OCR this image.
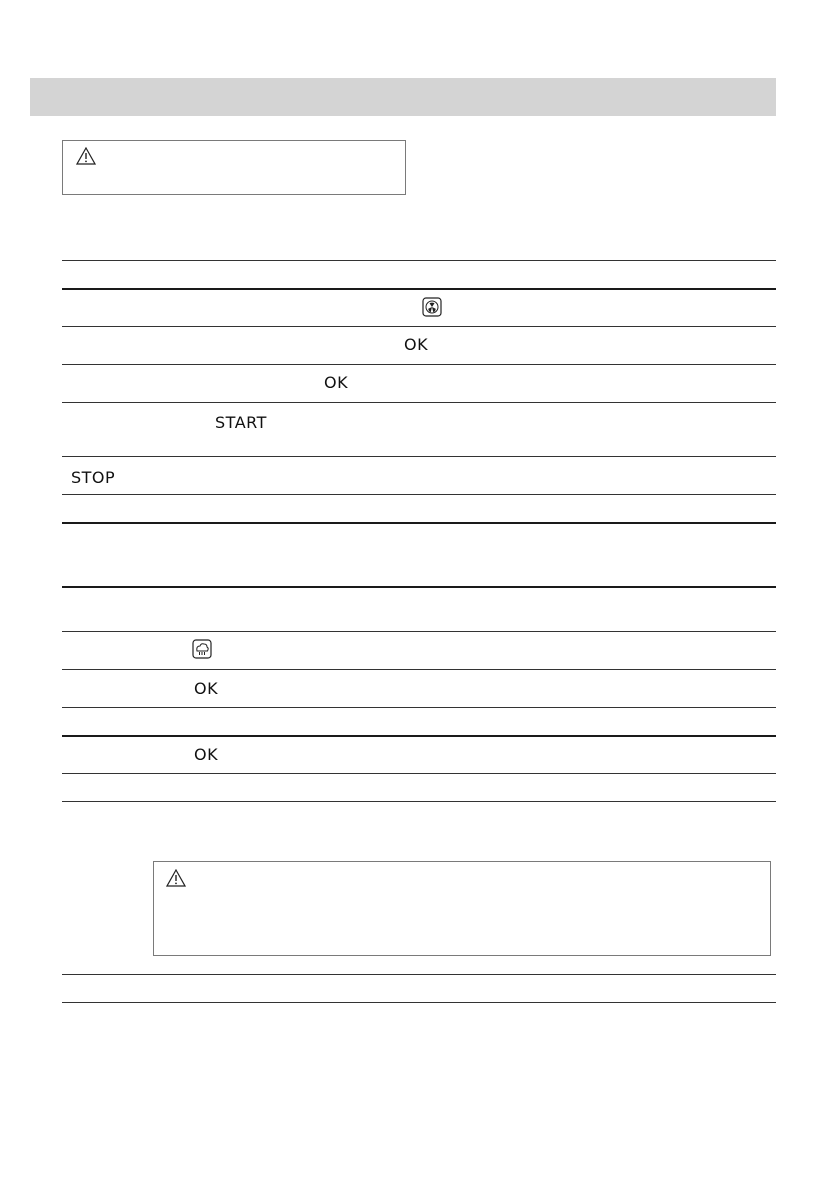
OK
OK
START
STOP
OK
OK
